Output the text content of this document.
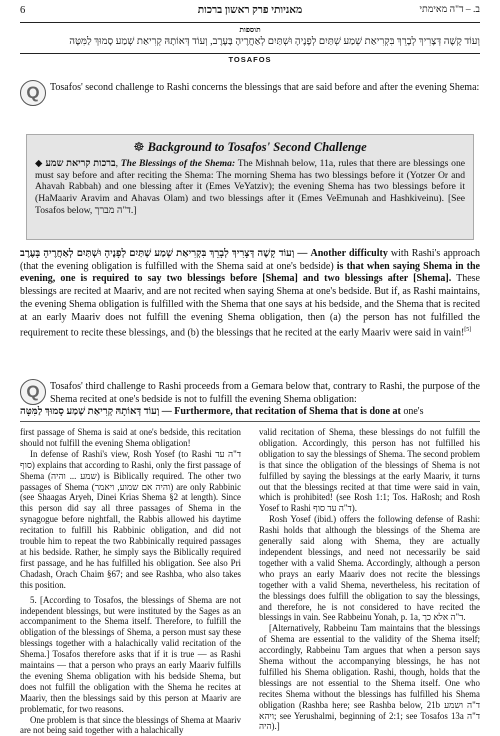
6	מאניותי פרק ראשון ברכות	ב. – ד"ה מאימתי
תוספות
וְעוֹד קָשֶׁה דְּצָרִיךְ לְבָרֵךְ בִּקְרִיאַת שְׁמַע שְׁתַּיִם לְפָנֶיהָ וּשְׁתַּיִם לְאַחֲרֶיהָ בָּעֶרֶב, וְעוֹד דְּאוֹתָהּ קְרִיאַת שְׁמַע סָמוּךְ לַמִּטָּה
TOSAFOS
Q	Tosafos' second challenge to Rashi concerns the blessings that are said before and after the evening Shema:
☸ Background to Tosafos' Second Challenge
◆ ברכות קריאת שמע, The Blessings of the Shema: The Mishnah below, 11a, rules that there are blessings one must say before and after reciting the Shema: The morning Shema has two blessings before it (Yotzer Or and Ahavah Rabbah) and one blessing after it (Emes VeYatziv); the evening Shema has two blessings before it (HaMaariv Aravim and Ahavas Olam) and two blessings after it (Emes VeEmunah and Hashkiveinu). [See Tosafos below, ד"ה מברך.]
וְעוֹד קָשֶׁה דְּצָרִיךְ לְבָרֵךְ בִּקְרִיאַת שְׁמַע שְׁתַּיִם לְפָנֶיהָ וּשְׁתַּיִם לְאַחֲרֶיהָ בָּעֶרֶב — Another difficulty with Rashi's approach (that the evening obligation is fulfilled with the Shema said at one's bedside) is that when saying Shema in the evening, one is required to say two blessings before [Shema] and two blessings after [Shema]. These blessings are recited at Maariv, and are not recited when saying Shema at one's bedside. But if, as Rashi maintains, the evening Shema obligation is fulfilled with the Shema that one says at his bedside, and the Shema that is recited at an early Maariv does not fulfill the evening Shema obligation, then (a) the person has not fulfilled the requirement to recite these blessings, and (b) the blessings that he recited at the early Maariv were said in vain![5]
Q	Tosafos' third challenge to Rashi proceeds from a Gemara below that, contrary to Rashi, the purpose of the Shema recited at one's bedside is not to fulfill the evening Shema obligation:
וְעוֹד דְּאוֹתָהּ קְרִיאַת שְׁמַע סָמוּךְ לַמִּטָּה — Furthermore, that recitation of Shema that is done at one's

first passage of Shema is said at one's bedside, this recitation should not fulfill the evening Shema obligation!

In defense of Rashi's view, Rosh Yosef (to Rashi ד"ה עד סוף) explains that according to Rashi, only the first passage of Shema (שמע ... והיה) is Biblically required. The other two passages of Shema (והיה אם שמוע, ויאמר) are only Rabbinic (see Shaagas Aryeh, Dinei Krias Shema §2 at length). Since this person did say all three passages of Shema in the synagogue before nightfall, the Rabbis allowed his daytime recitation to fulfill his Rabbinic obligation, and did not trouble him to repeat the two Rabbinically required passages at his bedside. Rather, he simply says the Biblically required first passage, and he has fulfilled his obligation. See also Pri Chadash, Orach Chaim §67; and see Rashba, who also takes this position.

5. [According to Tosafos, the blessings of Shema are not independent blessings, but were instituted by the Sages as an accompaniment to the Shema itself. Therefore, to fulfill the obligation of the blessings of Shema, a person must say these blessings together with a halachically valid recitation of the Shema.] Tosafos therefore asks that if it is true — as Rashi maintains — that a person who prays an early Maariv fulfills the evening Shema obligation with his bedside Shema, but does not fulfill the obligation with the Shema he recites at Maariv, then the blessings said by this person at Maariv are problematic, for two reasons.

One problem is that since the blessings of Shema at Maariv are not being said together with a halachically

valid recitation of Shema, these blessings do not fulfill the obligation. Accordingly, this person has not fulfilled his obligation to say the blessings of Shema. The second problem is that since the obligation of the blessings of Shema is not fulfilled by saying the blessings at the early Maariv, it turns out that the blessings recited at that time were said in vain, which is prohibited! (see Rosh 1:1; Tos. HaRosh; and Rosh Yosef to Rashi ד"ה עד סוף).

Rosh Yosef (ibid.) offers the following defense of Rashi: Rashi holds that although the blessings of the Shema are generally said along with Shema, they are actually independent blessings, and need not necessarily be said together with a valid Shema. Accordingly, although a person who prays an early Maariv does not recite the blessings together with a valid Shema, nevertheless, his recitation of the blessings does fulfill the obligation to say the blessings, and therefore, he is not considered to have recited the blessings in vain. See Rabbeinu Yonah, p. 1a, ד"ה אלא כך.

[Alternatively, Rabbeinu Tam maintains that the blessings of Shema are essential to the validity of the Shema itself; accordingly, Rabbeinu Tam argues that when a person says Shema without the accompanying blessings, he has not fulfilled his Shema obligation. Rashi, though, holds that the blessings are not essential to the Shema itself. One who recites Shema without the blessings has fulfilled his Shema obligation (Rashba here; see Rashba below, 21b ד"ה ושמע ויהא; see Yerushalmi, beginning of 2:1; see Tosafos 13a ד"ה היה).]
